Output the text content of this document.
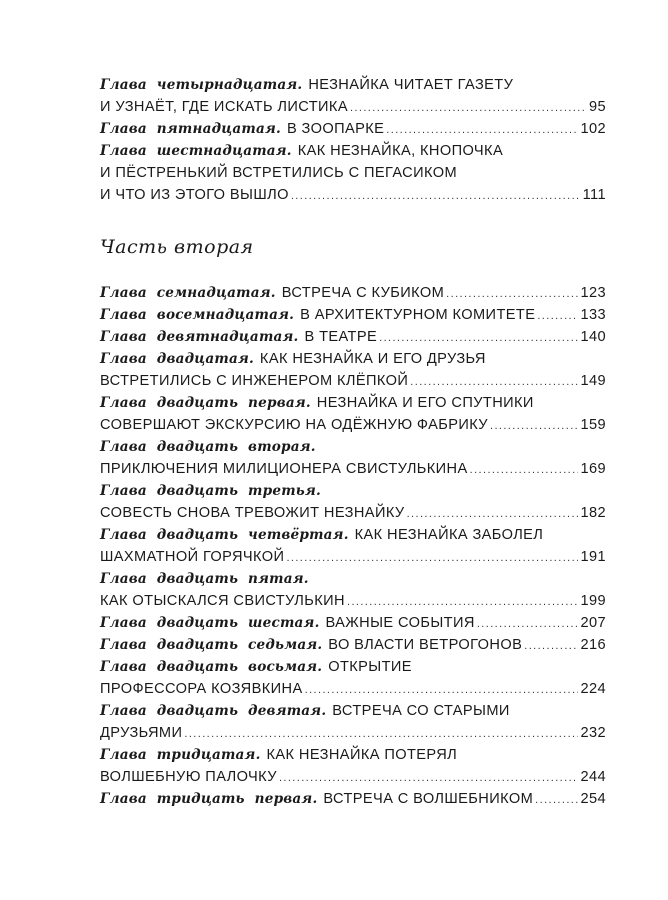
Глава четырнадцатая. НЕЗНАЙКА ЧИТАЕТ ГАЗЕТУ
И УЗНАЁТ, ГДЕ ИСКАТЬ ЛИСТИКА .....	95
Глава пятнадцатая. В ЗООПАРКЕ .....	102
Глава шестнадцатая. КАК НЕЗНАЙКА, КНОПОЧКА
И ПЁСТРЕНЬКИЙ ВСТРЕТИЛИСЬ С ПЕГАСИКОМ
И ЧТО ИЗ ЭТОГО ВЫШЛО .....	111
Часть вторая
Глава семнадцатая. ВСТРЕЧА С КУБИКОМ .....	123
Глава восемнадцатая. В АРХИТЕКТУРНОМ КОМИТЕТЕ .....	133
Глава девятнадцатая. В ТЕАТРЕ .....	140
Глава двадцатая. КАК НЕЗНАЙКА И ЕГО ДРУЗЬЯ
ВСТРЕТИЛИСЬ С ИНЖЕНЕРОМ КЛЁПКОЙ .....	149
Глава двадцать первая. НЕЗНАЙКА И ЕГО СПУТНИКИ
СОВЕРШАЮТ ЭКСКУРСИЮ НА ОДЁЖНУЮ ФАБРИКУ .....	159
Глава двадцать вторая.
ПРИКЛЮЧЕНИЯ МИЛИЦИОНЕРА СВИСТУЛЬКИНА .....	169
Глава двадцать третья.
СОВЕСТЬ СНОВА ТРЕВОЖИТ НЕЗНАЙКУ .....	182
Глава двадцать четвёртая. КАК НЕЗНАЙКА ЗАБОЛЕЛ
ШАХМАТНОЙ ГОРЯЧКОЙ .....	191
Глава двадцать пятая.
КАК ОТЫСКАЛСЯ СВИСТУЛЬКИН .....	199
Глава двадцать шестая. ВАЖНЫЕ СОБЫТИЯ .....	207
Глава двадцать седьмая. ВО ВЛАСТИ ВЕТРОГОНОВ .....	216
Глава двадцать восьмая. ОТКРЫТИЕ
ПРОФЕССОРА КОЗЯВКИНА .....	224
Глава двадцать девятая. ВСТРЕЧА СО СТАРЫМИ
ДРУЗЬЯМИ .....	232
Глава тридцатая. КАК НЕЗНАЙКА ПОТЕРЯЛ
ВОЛШЕБНУЮ ПАЛОЧКУ .....	244
Глава тридцать первая. ВСТРЕЧА С ВОЛШЕБНИКОМ .....	254
